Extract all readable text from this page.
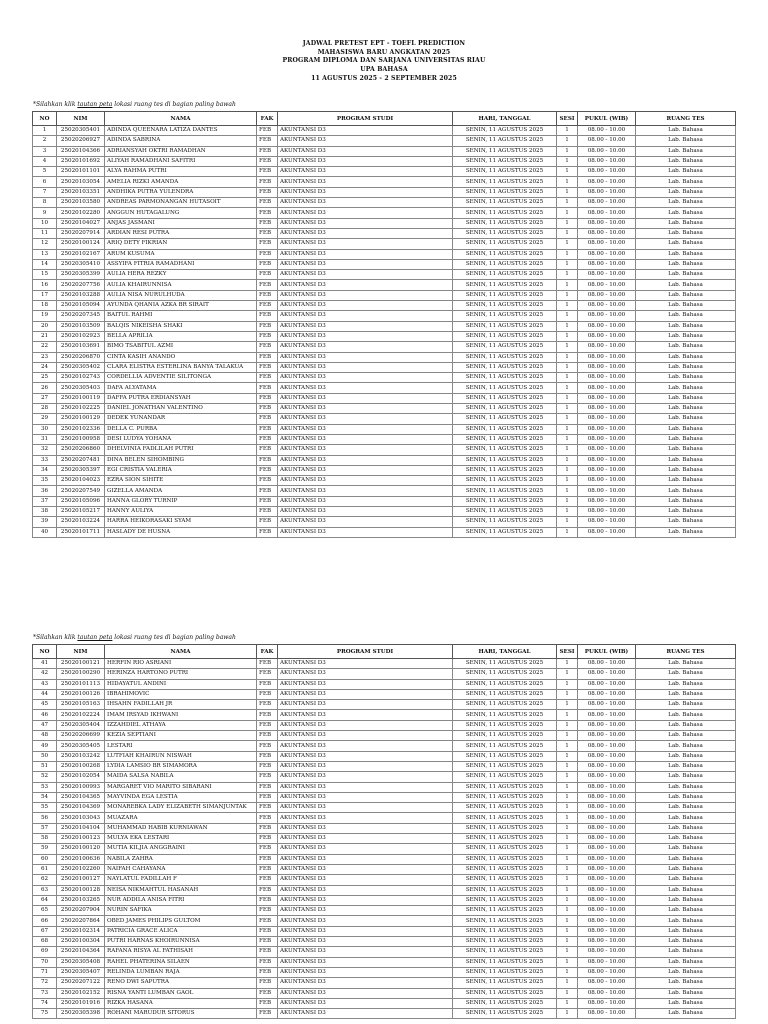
JADWAL PRETEST EPT - TOEFL PREDICTION
MAHASISWA BARU ANGKATAN 2025
PROGRAM DIPLOMA DAN SARJANA UNIVERSITAS RIAU
UPA BAHASA
11 AGUSTUS 2025 - 2 SEPTEMBER 2025
*Silahkan klik tautan peta lokasi ruang tes di bagian paling bawah
NO	NIM	NAMA	FAK	PROGRAM STUDI	HARI, TANGGAL	SESI	PUKUL (WIB)	RUANG TES
1	25020305401	ADINDA QUEENARA LATIZA DANTES	FEB	AKUNTANSI D3	SENIN, 11 AGUSTUS 2025	1	08.00 - 10.00	Lab. Bahasa
2	25020206927	ADINDA SABRINA	FEB	AKUNTANSI D3	SENIN, 11 AGUSTUS 2025	1	08.00 - 10.00	Lab. Bahasa
3	25020104366	ADRIANSYAH OKTRI RAMADHAN	FEB	AKUNTANSI D3	SENIN, 11 AGUSTUS 2025	1	08.00 - 10.00	Lab. Bahasa
4	25020101692	ALIYAH RAMADHANI SAFITRI	FEB	AKUNTANSI D3	SENIN, 11 AGUSTUS 2025	1	08.00 - 10.00	Lab. Bahasa
5	25020101101	ALYA RAHMA PUTRI	FEB	AKUNTANSI D3	SENIN, 11 AGUSTUS 2025	1	08.00 - 10.00	Lab. Bahasa
6	25020103054	AMELIA RIZKI AMANDA	FEB	AKUNTANSI D3	SENIN, 11 AGUSTUS 2025	1	08.00 - 10.00	Lab. Bahasa
7	25020103351	ANDHIKA PUTRA YULENDRA	FEB	AKUNTANSI D3	SENIN, 11 AGUSTUS 2025	1	08.00 - 10.00	Lab. Bahasa
8	25020103580	ANDREAS PARMONANGAN HUTASOIT	FEB	AKUNTANSI D3	SENIN, 11 AGUSTUS 2025	1	08.00 - 10.00	Lab. Bahasa
9	25020102280	ANGGUN HUTAGALUNG	FEB	AKUNTANSI D3	SENIN, 11 AGUSTUS 2025	1	08.00 - 10.00	Lab. Bahasa
10	25020104027	ANJAS JASMANI	FEB	AKUNTANSI D3	SENIN, 11 AGUSTUS 2025	1	08.00 - 10.00	Lab. Bahasa
11	25020207914	ARDIAN RESI PUTRA	FEB	AKUNTANSI D3	SENIN, 11 AGUSTUS 2025	1	08.00 - 10.00	Lab. Bahasa
12	25020100124	ARIQ DETY FIKRIAN	FEB	AKUNTANSI D3	SENIN, 11 AGUSTUS 2025	1	08.00 - 10.00	Lab. Bahasa
13	25020102167	ARUM KUSUMA	FEB	AKUNTANSI D3	SENIN, 11 AGUSTUS 2025	1	08.00 - 10.00	Lab. Bahasa
14	25020305410	ASSYIFA FITRIA RAMADHANI	FEB	AKUNTANSI D3	SENIN, 11 AGUSTUS 2025	1	08.00 - 10.00	Lab. Bahasa
15	25020305399	AULIA HERA REZKY	FEB	AKUNTANSI D3	SENIN, 11 AGUSTUS 2025	1	08.00 - 10.00	Lab. Bahasa
16	25020207756	AULIA KHAIRUNNISA	FEB	AKUNTANSI D3	SENIN, 11 AGUSTUS 2025	1	08.00 - 10.00	Lab. Bahasa
17	25020103288	AULIA NISA NURULHUDA	FEB	AKUNTANSI D3	SENIN, 11 AGUSTUS 2025	1	08.00 - 10.00	Lab. Bahasa
18	25020105094	AYUNDA QHANIA AZKA BR SIRAIT	FEB	AKUNTANSI D3	SENIN, 11 AGUSTUS 2025	1	08.00 - 10.00	Lab. Bahasa
19	25020207345	BAITUL RAHMI	FEB	AKUNTANSI D3	SENIN, 11 AGUSTUS 2025	1	08.00 - 10.00	Lab. Bahasa
20	25020103509	BALQIS NIKEISHA SHAKI	FEB	AKUNTANSI D3	SENIN, 11 AGUSTUS 2025	1	08.00 - 10.00	Lab. Bahasa
21	25020102923	BELLA APRILIA	FEB	AKUNTANSI D3	SENIN, 11 AGUSTUS 2025	1	08.00 - 10.00	Lab. Bahasa
22	25020103691	BIMO TSABITUL AZMI	FEB	AKUNTANSI D3	SENIN, 11 AGUSTUS 2025	1	08.00 - 10.00	Lab. Bahasa
23	25020206870	CINTA KASIH ANANDO	FEB	AKUNTANSI D3	SENIN, 11 AGUSTUS 2025	1	08.00 - 10.00	Lab. Bahasa
24	25020305402	CLARA ELISTRA ESTERLINA BANYA TALAKUA	FEB	AKUNTANSI D3	SENIN, 11 AGUSTUS 2025	1	08.00 - 10.00	Lab. Bahasa
25	25020102743	CORDELLIA ADVENTIE SILITONGA	FEB	AKUNTANSI D3	SENIN, 11 AGUSTUS 2025	1	08.00 - 10.00	Lab. Bahasa
26	25020305403	DAFA ALYATAMA	FEB	AKUNTANSI D3	SENIN, 11 AGUSTUS 2025	1	08.00 - 10.00	Lab. Bahasa
27	25020100119	DAFFA PUTRA ERDIANSYAH	FEB	AKUNTANSI D3	SENIN, 11 AGUSTUS 2025	1	08.00 - 10.00	Lab. Bahasa
28	25020102225	DANIEL JONATHAN VALENTINO	FEB	AKUNTANSI D3	SENIN, 11 AGUSTUS 2025	1	08.00 - 10.00	Lab. Bahasa
29	25020100129	DEDEK YUNANDAR	FEB	AKUNTANSI D3	SENIN, 11 AGUSTUS 2025	1	08.00 - 10.00	Lab. Bahasa
30	25020102336	DELLA C. PURBA	FEB	AKUNTANSI D3	SENIN, 11 AGUSTUS 2025	1	08.00 - 10.00	Lab. Bahasa
31	25020100958	DESI LUDYA YOHANA	FEB	AKUNTANSI D3	SENIN, 11 AGUSTUS 2025	1	08.00 - 10.00	Lab. Bahasa
32	25020206860	DHELVINIA FADLILAH PUTRI	FEB	AKUNTANSI D3	SENIN, 11 AGUSTUS 2025	1	08.00 - 10.00	Lab. Bahasa
33	25020207481	DINA BELEN SIHOMBING	FEB	AKUNTANSI D3	SENIN, 11 AGUSTUS 2025	1	08.00 - 10.00	Lab. Bahasa
34	25020305397	EGI CRISTIA VALERIA	FEB	AKUNTANSI D3	SENIN, 11 AGUSTUS 2025	1	08.00 - 10.00	Lab. Bahasa
35	25020104023	EZRA SION SIHITE	FEB	AKUNTANSI D3	SENIN, 11 AGUSTUS 2025	1	08.00 - 10.00	Lab. Bahasa
36	25020207549	GIZELLA AMANDA	FEB	AKUNTANSI D3	SENIN, 11 AGUSTUS 2025	1	08.00 - 10.00	Lab. Bahasa
37	25020105096	HANNA GLORY TURNIP	FEB	AKUNTANSI D3	SENIN, 11 AGUSTUS 2025	1	08.00 - 10.00	Lab. Bahasa
38	25020105217	HANNY AULIYA	FEB	AKUNTANSI D3	SENIN, 11 AGUSTUS 2025	1	08.00 - 10.00	Lab. Bahasa
39	25020103224	HARRA HEIKORASAKI SYAM	FEB	AKUNTANSI D3	SENIN, 11 AGUSTUS 2025	1	08.00 - 10.00	Lab. Bahasa
40	25020101711	HASLADY DE HUSNA	FEB	AKUNTANSI D3	SENIN, 11 AGUSTUS 2025	1	08.00 - 10.00	Lab. Bahasa
*Silahkan klik tautan peta lokasi ruang tes di bagian paling bawah
NO	NIM	NAMA	FAK	PROGRAM STUDI	HARI, TANGGAL	SESI	PUKUL (WIB)	RUANG TES
41	25020100121	HERFIN RIO ASRIANI	FEB	AKUNTANSI D3	SENIN, 11 AGUSTUS 2025	1	08.00 - 10.00	Lab. Bahasa
42	25020100290	HERINZA HARTONO PUTRI	FEB	AKUNTANSI D3	SENIN, 11 AGUSTUS 2025	1	08.00 - 10.00	Lab. Bahasa
43	25020101113	HIDAYATUL ANDINI	FEB	AKUNTANSI D3	SENIN, 11 AGUSTUS 2025	1	08.00 - 10.00	Lab. Bahasa
44	25020100126	IBRAHIMOVIC	FEB	AKUNTANSI D3	SENIN, 11 AGUSTUS 2025	1	08.00 - 10.00	Lab. Bahasa
45	25020105163	IHSAHN FADILLAH JR	FEB	AKUNTANSI D3	SENIN, 11 AGUSTUS 2025	1	08.00 - 10.00	Lab. Bahasa
46	25020102224	IMAM IRSYAD IKHWANI	FEB	AKUNTANSI D3	SENIN, 11 AGUSTUS 2025	1	08.00 - 10.00	Lab. Bahasa
47	25020305404	IZZAHDIEL ATHAYA	FEB	AKUNTANSI D3	SENIN, 11 AGUSTUS 2025	1	08.00 - 10.00	Lab. Bahasa
48	25020206699	KEZIA SEPTIANI	FEB	AKUNTANSI D3	SENIN, 11 AGUSTUS 2025	1	08.00 - 10.00	Lab. Bahasa
49	25020305405	LESTARI	FEB	AKUNTANSI D3	SENIN, 11 AGUSTUS 2025	1	08.00 - 10.00	Lab. Bahasa
50	25020103242	LUTFIAH KHAIRUN NISWAH	FEB	AKUNTANSI D3	SENIN, 11 AGUSTUS 2025	1	08.00 - 10.00	Lab. Bahasa
51	25020100268	LYDIA LAMSIO BR SIMAMORA	FEB	AKUNTANSI D3	SENIN, 11 AGUSTUS 2025	1	08.00 - 10.00	Lab. Bahasa
52	25020102054	MAIDA SALSA NABILA	FEB	AKUNTANSI D3	SENIN, 11 AGUSTUS 2025	1	08.00 - 10.00	Lab. Bahasa
53	25020100993	MARGARET VIO MARITO SIBARANI	FEB	AKUNTANSI D3	SENIN, 11 AGUSTUS 2025	1	08.00 - 10.00	Lab. Bahasa
54	25020104365	MAYVINDA EGA LESTIA	FEB	AKUNTANSI D3	SENIN, 11 AGUSTUS 2025	1	08.00 - 10.00	Lab. Bahasa
55	25020104369	MONAREBKA LADY ELIZABETH SIMANJUNTAK	FEB	AKUNTANSI D3	SENIN, 11 AGUSTUS 2025	1	08.00 - 10.00	Lab. Bahasa
56	25020103043	MUAZARA	FEB	AKUNTANSI D3	SENIN, 11 AGUSTUS 2025	1	08.00 - 10.00	Lab. Bahasa
57	25020104104	MUHAMMAD HABIB KURNIAWAN	FEB	AKUNTANSI D3	SENIN, 11 AGUSTUS 2025	1	08.00 - 10.00	Lab. Bahasa
58	25020100123	MULYA EKA LESTARI	FEB	AKUNTANSI D3	SENIN, 11 AGUSTUS 2025	1	08.00 - 10.00	Lab. Bahasa
59	25020100120	MUTIA KILJIA ANGGRAINI	FEB	AKUNTANSI D3	SENIN, 11 AGUSTUS 2025	1	08.00 - 10.00	Lab. Bahasa
60	25020100636	NABILA ZAHRA	FEB	AKUNTANSI D3	SENIN, 11 AGUSTUS 2025	1	08.00 - 10.00	Lab. Bahasa
61	25020102260	NAIFAH CAHAYANA	FEB	AKUNTANSI D3	SENIN, 11 AGUSTUS 2025	1	08.00 - 10.00	Lab. Bahasa
62	25020100127	NAYLATUL FADILLAH F	FEB	AKUNTANSI D3	SENIN, 11 AGUSTUS 2025	1	08.00 - 10.00	Lab. Bahasa
63	25020100128	NEISA NIKMAHTUL HASANAH	FEB	AKUNTANSI D3	SENIN, 11 AGUSTUS 2025	1	08.00 - 10.00	Lab. Bahasa
64	25020103265	NUR ADDILA ANISA FITRI	FEB	AKUNTANSI D3	SENIN, 11 AGUSTUS 2025	1	08.00 - 10.00	Lab. Bahasa
65	25020207904	NURIN SAFIKA	FEB	AKUNTANSI D3	SENIN, 11 AGUSTUS 2025	1	08.00 - 10.00	Lab. Bahasa
66	25020207864	OBED JAMES PHILIPS GULTOM	FEB	AKUNTANSI D3	SENIN, 11 AGUSTUS 2025	1	08.00 - 10.00	Lab. Bahasa
67	25020102314	PATRICIA GRACE ALICA	FEB	AKUNTANSI D3	SENIN, 11 AGUSTUS 2025	1	08.00 - 10.00	Lab. Bahasa
68	25020100304	PUTRI HARNAS KHOIRUNNISA	FEB	AKUNTANSI D3	SENIN, 11 AGUSTUS 2025	1	08.00 - 10.00	Lab. Bahasa
69	25020104364	RAFANA RISYA AL FATHISAH	FEB	AKUNTANSI D3	SENIN, 11 AGUSTUS 2025	1	08.00 - 10.00	Lab. Bahasa
70	25020305408	RAHEL PHATERINA SILAEN	FEB	AKUNTANSI D3	SENIN, 11 AGUSTUS 2025	1	08.00 - 10.00	Lab. Bahasa
71	25020305407	RELINDA LUMBAN RAJA	FEB	AKUNTANSI D3	SENIN, 11 AGUSTUS 2025	1	08.00 - 10.00	Lab. Bahasa
72	25020207122	RENO DWI SAPUTRA	FEB	AKUNTANSI D3	SENIN, 11 AGUSTUS 2025	1	08.00 - 10.00	Lab. Bahasa
73	25020102152	RISNA YANTI LUMBAN GAOL	FEB	AKUNTANSI D3	SENIN, 11 AGUSTUS 2025	1	08.00 - 10.00	Lab. Bahasa
74	25020101916	RIZKA HASANA	FEB	AKUNTANSI D3	SENIN, 11 AGUSTUS 2025	1	08.00 - 10.00	Lab. Bahasa
75	25020305398	ROHANI MARUDUR SITORUS	FEB	AKUNTANSI D3	SENIN, 11 AGUSTUS 2025	1	08.00 - 10.00	Lab. Bahasa
